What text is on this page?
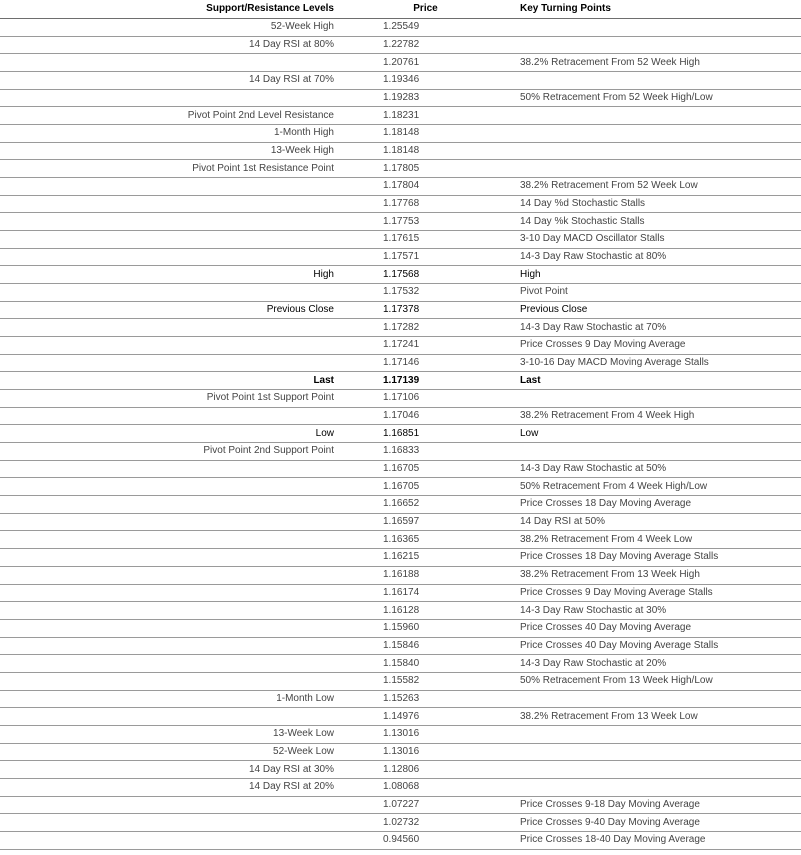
Support/Resistance Levels		Price	Key Turning Points
52-Week High		1.25549	
14 Day RSI at 80%		1.22782	
		1.20761	38.2% Retracement From 52 Week High
14 Day RSI at 70%		1.19346	
		1.19283	50% Retracement From 52 Week High/Low
Pivot Point 2nd Level Resistance		1.18231	
1-Month High		1.18148	
13-Week High		1.18148	
Pivot Point 1st Resistance Point		1.17805	
		1.17804	38.2% Retracement From 52 Week Low
		1.17768	14 Day %d Stochastic Stalls
		1.17753	14 Day %k Stochastic Stalls
		1.17615	3-10 Day MACD Oscillator Stalls
		1.17571	14-3 Day Raw Stochastic at 80%
High		1.17568	High
		1.17532	Pivot Point
Previous Close		1.17378	Previous Close
		1.17282	14-3 Day Raw Stochastic at 70%
		1.17241	Price Crosses 9 Day Moving Average
		1.17146	3-10-16 Day MACD Moving Average Stalls
Last		1.17139	Last
Pivot Point 1st Support Point		1.17106	
		1.17046	38.2% Retracement From 4 Week High
Low		1.16851	Low
Pivot Point 2nd Support Point		1.16833	
		1.16705	14-3 Day Raw Stochastic at 50%
		1.16705	50% Retracement From 4 Week High/Low
		1.16652	Price Crosses 18 Day Moving Average
		1.16597	14 Day RSI at 50%
		1.16365	38.2% Retracement From 4 Week Low
		1.16215	Price Crosses 18 Day Moving Average Stalls
		1.16188	38.2% Retracement From 13 Week High
		1.16174	Price Crosses 9 Day Moving Average Stalls
		1.16128	14-3 Day Raw Stochastic at 30%
		1.15960	Price Crosses 40 Day Moving Average
		1.15846	Price Crosses 40 Day Moving Average Stalls
		1.15840	14-3 Day Raw Stochastic at 20%
		1.15582	50% Retracement From 13 Week High/Low
1-Month Low		1.15263	
		1.14976	38.2% Retracement From 13 Week Low
13-Week Low		1.13016	
52-Week Low		1.13016	
14 Day RSI at 30%		1.12806	
14 Day RSI at 20%		1.08068	
		1.07227	Price Crosses 9-18 Day Moving Average
		1.02732	Price Crosses 9-40 Day Moving Average
		0.94560	Price Crosses 18-40 Day Moving Average
